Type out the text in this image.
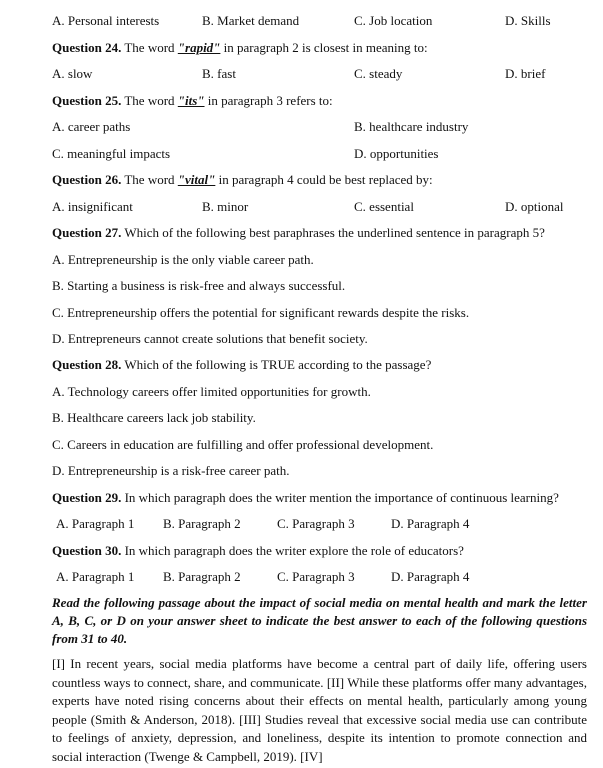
A. Personal interests	B. Market demand	C. Job location	D. Skills
Question 24. The word "rapid" in paragraph 2 is closest in meaning to:
A. slow	B. fast	C. steady	D. brief
Question 25. The word "its" in paragraph 3 refers to:
A. career paths	B. healthcare industry
C. meaningful impacts	D. opportunities
Question 26. The word "vital" in paragraph 4 could be best replaced by:
A. insignificant	B. minor	C. essential	D. optional
Question 27. Which of the following best paraphrases the underlined sentence in paragraph 5?
A. Entrepreneurship is the only viable career path.
B. Starting a business is risk-free and always successful.
C. Entrepreneurship offers the potential for significant rewards despite the risks.
D. Entrepreneurs cannot create solutions that benefit society.
Question 28. Which of the following is TRUE according to the passage?
A. Technology careers offer limited opportunities for growth.
B. Healthcare careers lack job stability.
C. Careers in education are fulfilling and offer professional development.
D. Entrepreneurship is a risk-free career path.
Question 29. In which paragraph does the writer mention the importance of continuous learning?
A. Paragraph 1 B. Paragraph 2	C. Paragraph 3	D. Paragraph 4
Question 30. In which paragraph does the writer explore the role of educators?
A. Paragraph 1 B. Paragraph 2	C. Paragraph 3	D. Paragraph 4
Read the following passage about the impact of social media on mental health and mark the letter A, B, C, or D on your answer sheet to indicate the best answer to each of the following questions from 31 to 40.
[I] In recent years, social media platforms have become a central part of daily life, offering users countless ways to connect, share, and communicate. [II] While these platforms offer many advantages, experts have noted rising concerns about their effects on mental health, particularly among young people (Smith & Anderson, 2018). [III] Studies reveal that excessive social media use can contribute to feelings of anxiety, depression, and loneliness, despite its intention to promote connection and social interaction (Twenge & Campbell, 2019). [IV]
